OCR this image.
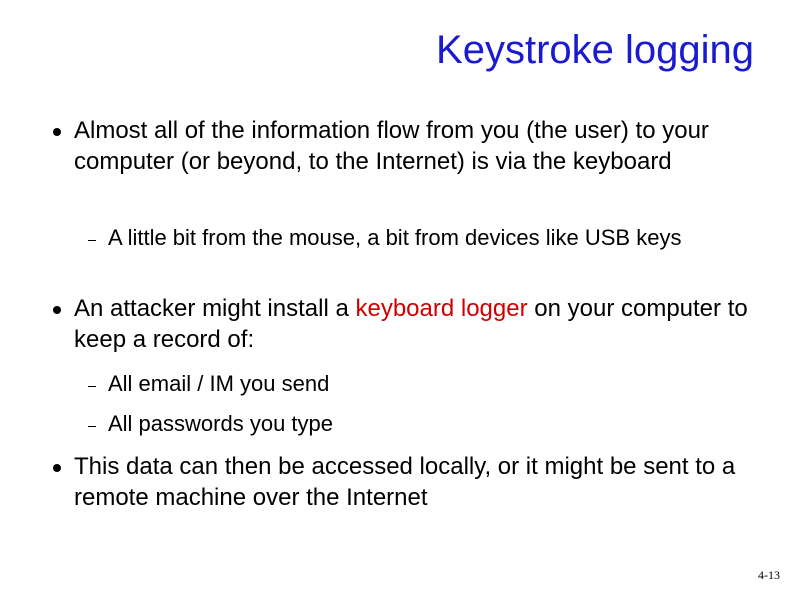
Keystroke logging
Almost all of the information flow from you (the user) to your computer (or beyond, to the Internet) is via the keyboard
A little bit from the mouse, a bit from devices like USB keys
An attacker might install a keyboard logger on your computer to keep a record of:
All email / IM you send
All passwords you type
This data can then be accessed locally, or it might be sent to a remote machine over the Internet
4-13
